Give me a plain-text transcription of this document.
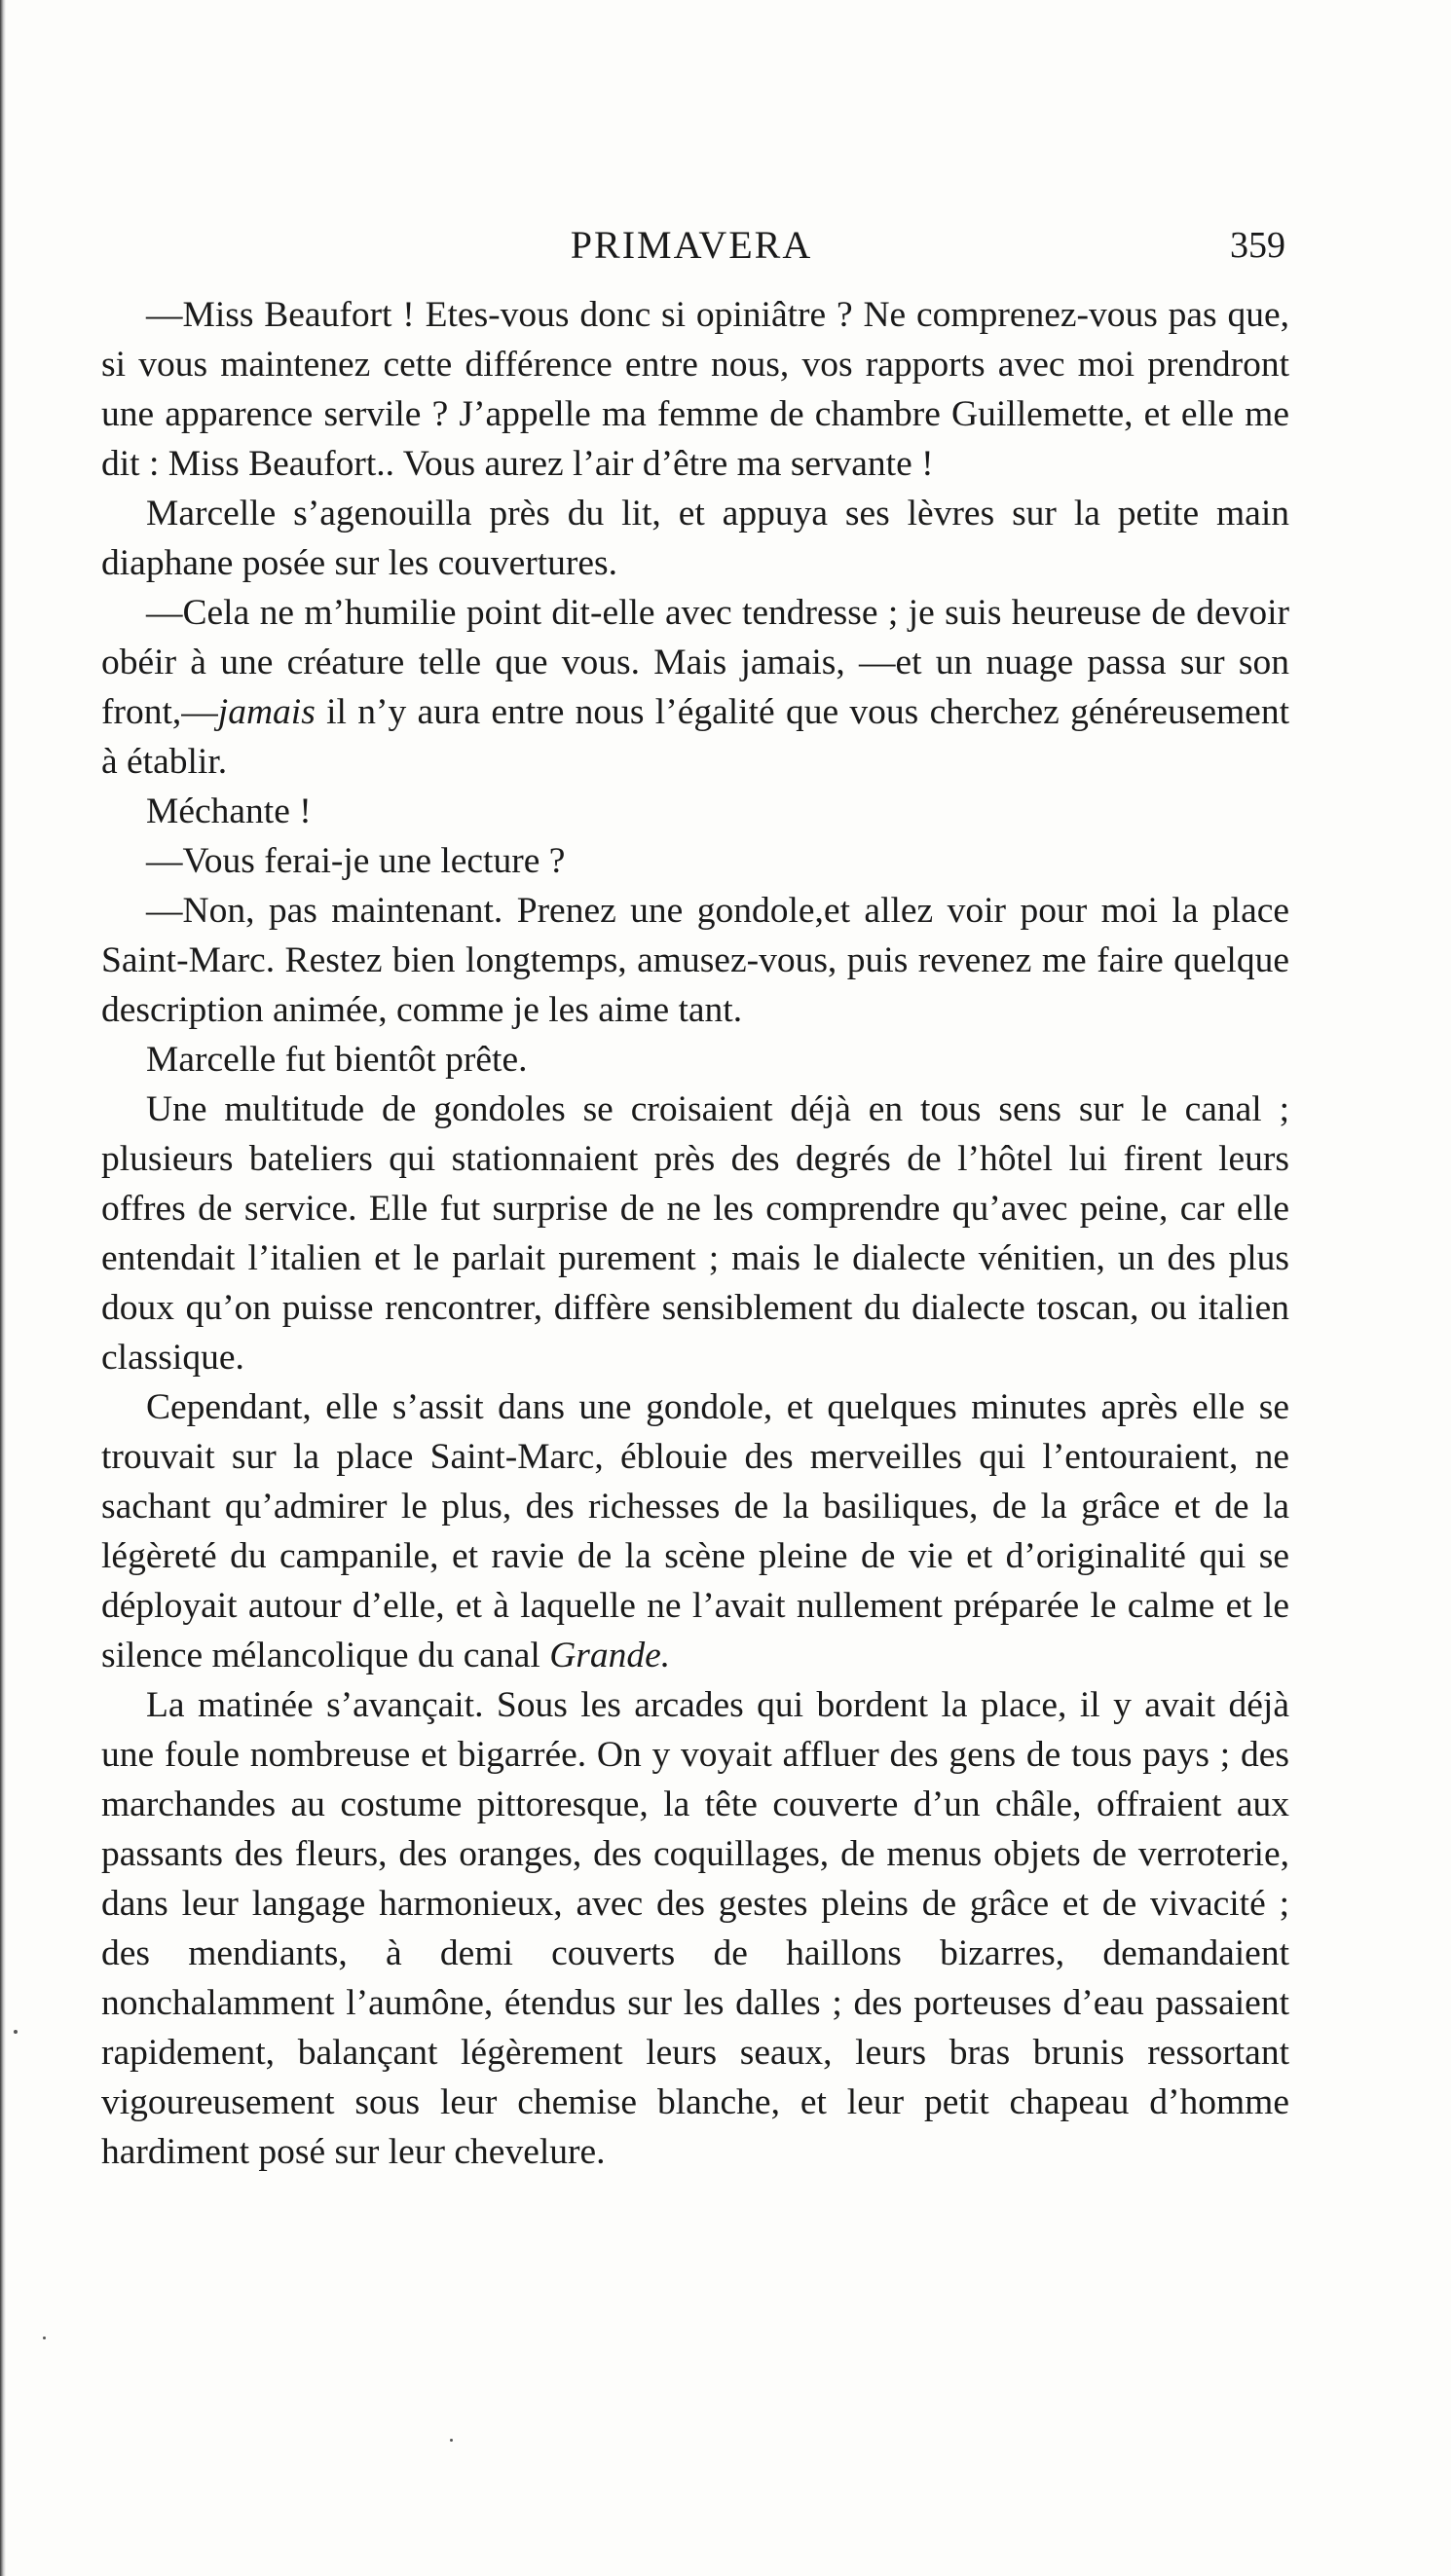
PRIMAVERA	359

—Miss Beaufort ! Etes-vous donc si opiniâtre ? Ne comprenez-vous pas que, si vous maintenez cette différence entre nous, vos rapports avec moi prendront une apparence servile ? J’appelle ma femme de chambre Guillemette, et elle me dit : Miss Beaufort.. Vous aurez l’air d’être ma servante !

Marcelle s’agenouilla près du lit, et appuya ses lèvres sur la petite main diaphane posée sur les couvertures.

—Cela ne m’humilie point dit-elle avec tendresse ; je suis heureuse de devoir obéir à une créature telle que vous. Mais jamais, —et un nuage passa sur son front,—jamais il n’y aura entre nous l’égalité que vous cherchez généreusement à établir.

Méchante !

—Vous ferai-je une lecture ?

—Non, pas maintenant. Prenez une gondole,et allez voir pour moi la place Saint-Marc. Restez bien longtemps, amusez-vous, puis revenez me faire quelque description animée, comme je les aime tant.

Marcelle fut bientôt prête.

Une multitude de gondoles se croisaient déjà en tous sens sur le canal ; plusieurs bateliers qui stationnaient près des degrés de l’hôtel lui firent leurs offres de service. Elle fut surprise de ne les comprendre qu’avec peine, car elle entendait l’italien et le parlait purement ; mais le dialecte vénitien, un des plus doux qu’on puisse rencontrer, diffère sensiblement du dialecte toscan, ou italien classique.

Cependant, elle s’assit dans une gondole, et quelques minutes après elle se trouvait sur la place Saint-Marc, éblouie des merveilles qui l’entouraient, ne sachant qu’admirer le plus, des richesses de la basiliques, de la grâce et de la légèreté du campanile, et ravie de la scène pleine de vie et d’originalité qui se déployait autour d’elle, et à laquelle ne l’avait nullement préparée le calme et le silence mélancolique du canal Grande.

La matinée s’avançait. Sous les arcades qui bordent la place, il y avait déjà une foule nombreuse et bigarrée. On y voyait affluer des gens de tous pays ; des marchandes au costume pittoresque, la tête couverte d’un châle, offraient aux passants des fleurs, des oranges, des coquillages, de menus objets de verroterie, dans leur langage harmonieux, avec des gestes pleins de grâce et de vivacité ; des mendiants, à demi couverts de haillons bizarres, demandaient nonchalamment l’aumône, étendus sur les dalles ; des porteuses d’eau passaient rapidement, balançant légèrement leurs seaux, leurs bras brunis ressortant vigoureusement sous leur chemise blanche, et leur petit chapeau d’homme hardiment posé sur leur chevelure.
